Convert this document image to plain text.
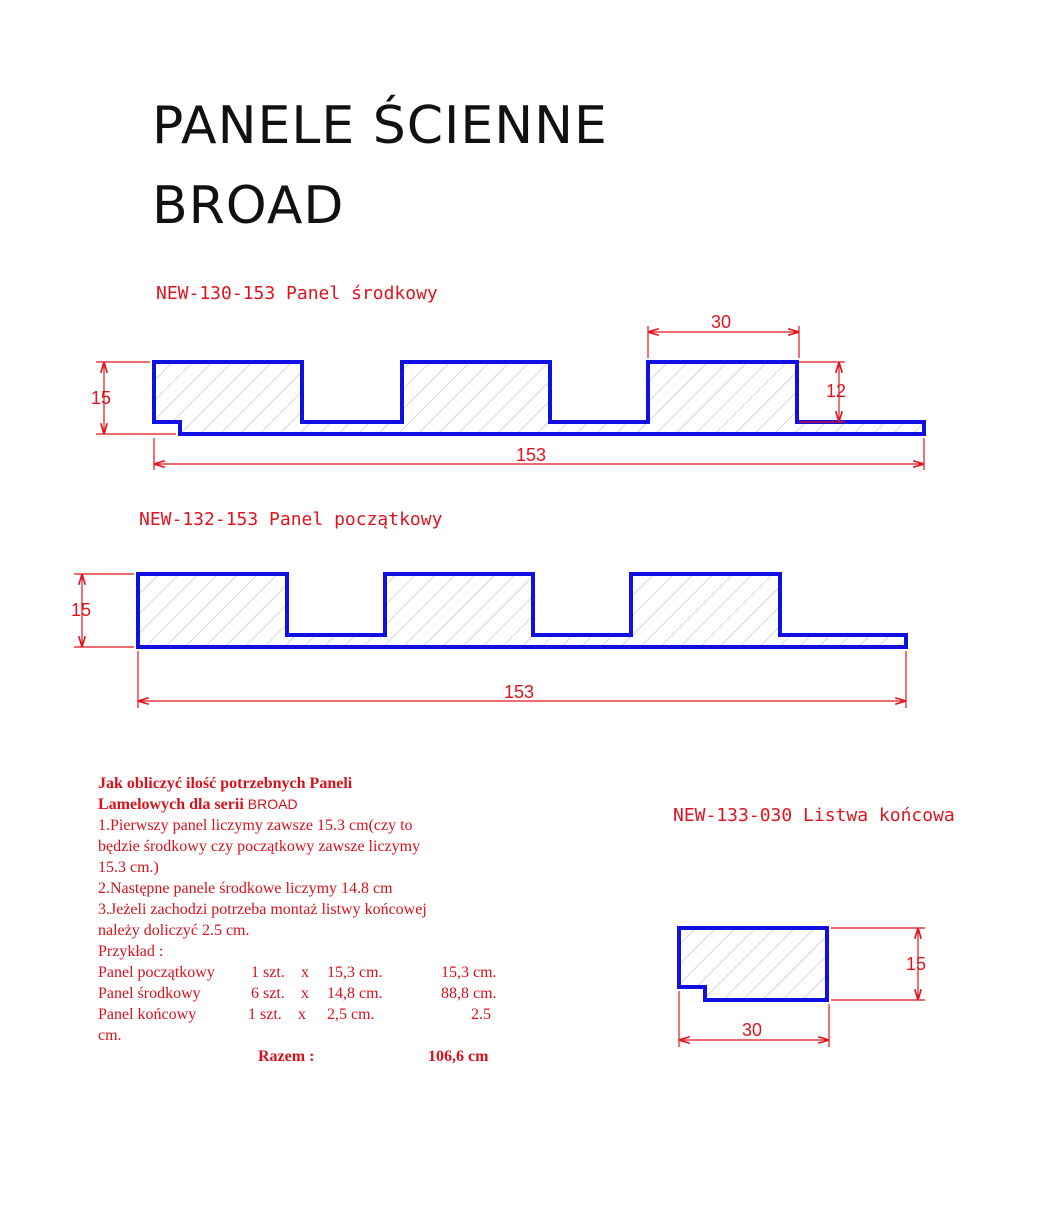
PANELE ŚCIENNE
BROAD
NEW-130-153 Panel środkowy
NEW-132-153 Panel początkowy
NEW-133-030 Listwa końcowa
15
30
12
153
15
153
15
30
Jak obliczyć ilość potrzebnych Paneli
Lamelowych dla serii BROAD
1.Pierwszy panel liczymy zawsze 15.3 cm(czy to
będzie środkowy czy początkowy zawsze liczymy
15.3 cm.)
2.Następne panele środkowe liczymy 14.8 cm
3.Jeżeli zachodzi potrzeba montaż listwy końcowej
należy doliczyć 2.5 cm.
Przykład :
Panel początkowy 1 szt. x 15,3 cm.	15,3 cm.
Panel środkowy	6 szt. x 14,8 cm.	88,8 cm.
Panel końcowy	1 szt. x 2,5 cm.	2.5
cm.
Razem :	106,6 cm
